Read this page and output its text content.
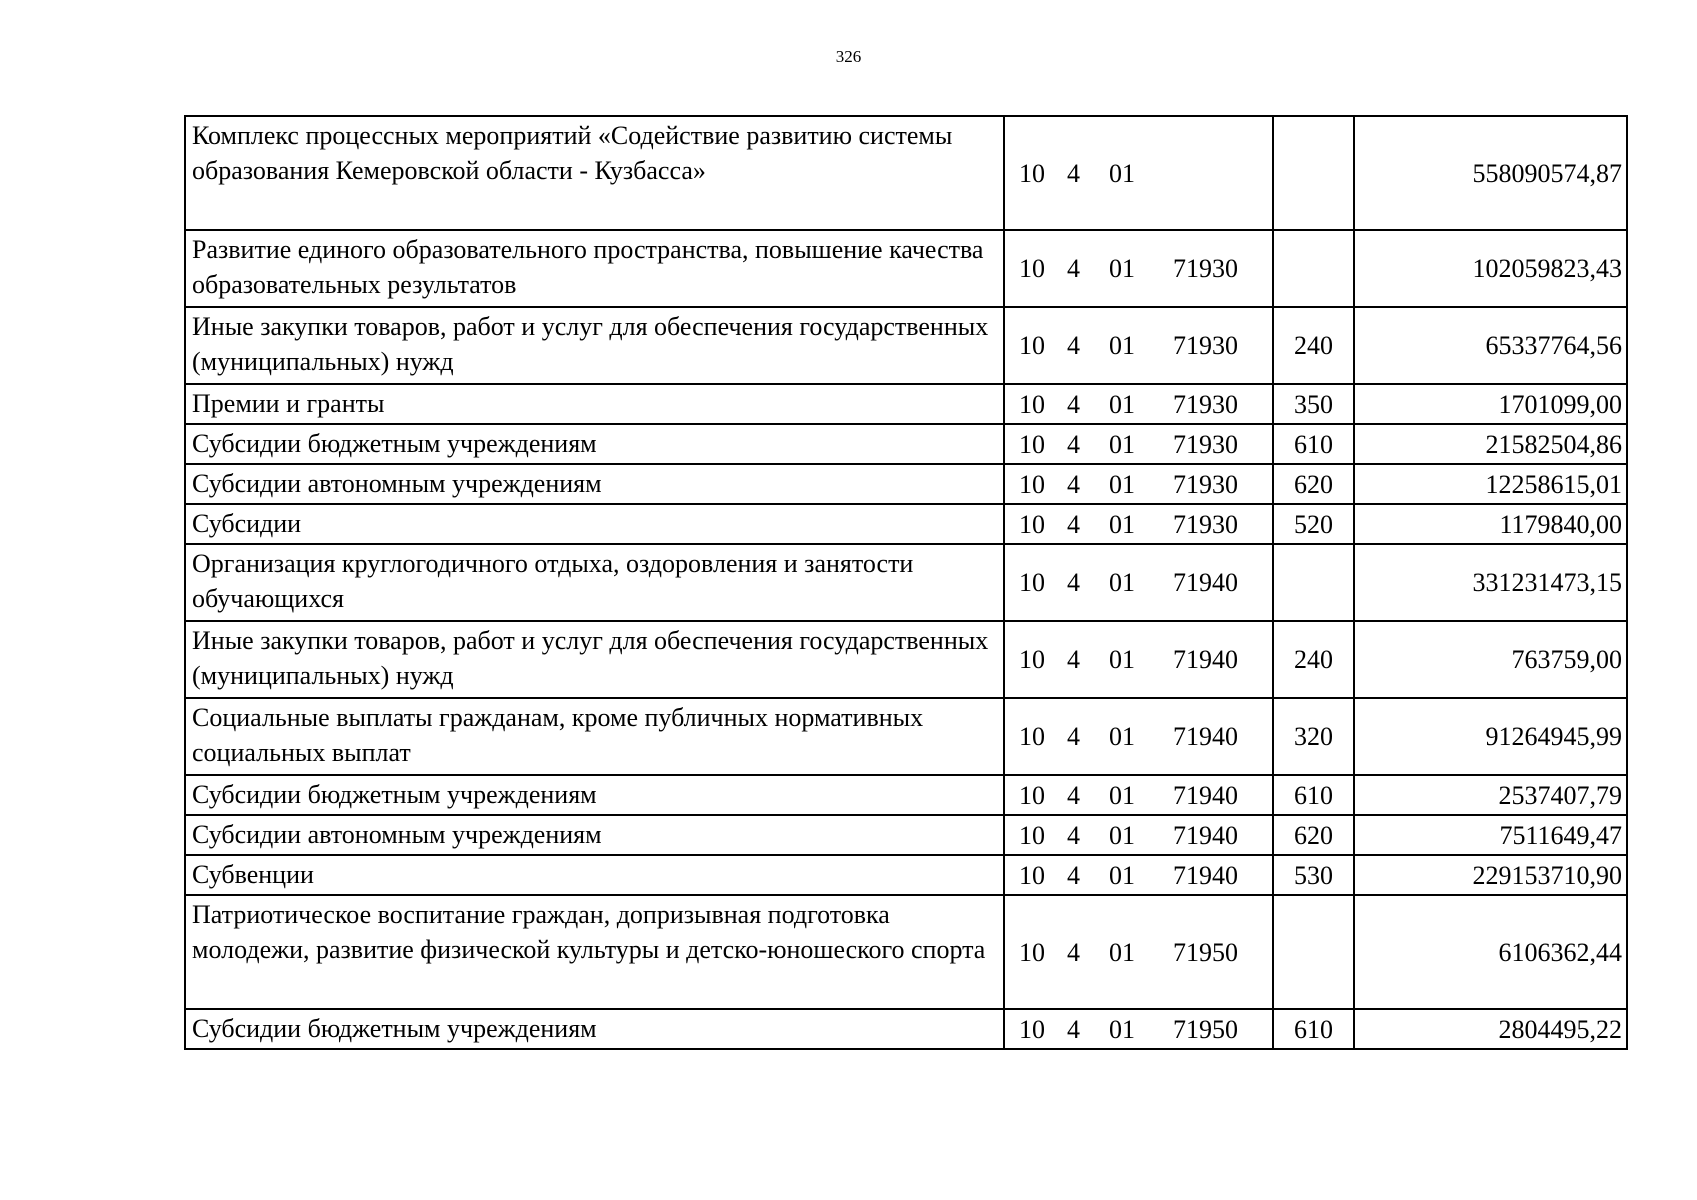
326
Комплекс процессных мероприятий «Содействие развитию системы образования Кемеровской области - Кузбасса»	10 4 01		558090574,87
Развитие единого образовательного пространства, повышение качества образовательных результатов	10 4 01 71930		102059823,43
Иные закупки товаров, работ и услуг для обеспечения государственных (муниципальных) нужд	10 4 01 71930	240	65337764,56
Премии и гранты	10 4 01 71930	350	1701099,00
Субсидии бюджетным учреждениям	10 4 01 71930	610	21582504,86
Субсидии автономным учреждениям	10 4 01 71930	620	12258615,01
Субсидии	10 4 01 71930	520	1179840,00
Организация круглогодичного отдыха, оздоровления и занятости обучающихся	10 4 01 71940		331231473,15
Иные закупки товаров, работ и услуг для обеспечения государственных (муниципальных) нужд	10 4 01 71940	240	763759,00
Социальные выплаты гражданам, кроме публичных нормативных социальных выплат	10 4 01 71940	320	91264945,99
Субсидии бюджетным учреждениям	10 4 01 71940	610	2537407,79
Субсидии автономным учреждениям	10 4 01 71940	620	7511649,47
Субвенции	10 4 01 71940	530	229153710,90
Патриотическое воспитание граждан, допризывная подготовка молодежи, развитие физической культуры и детско-юношеского спорта	10 4 01 71950		6106362,44
Субсидии бюджетным учреждениям	10 4 01 71950	610	2804495,22
